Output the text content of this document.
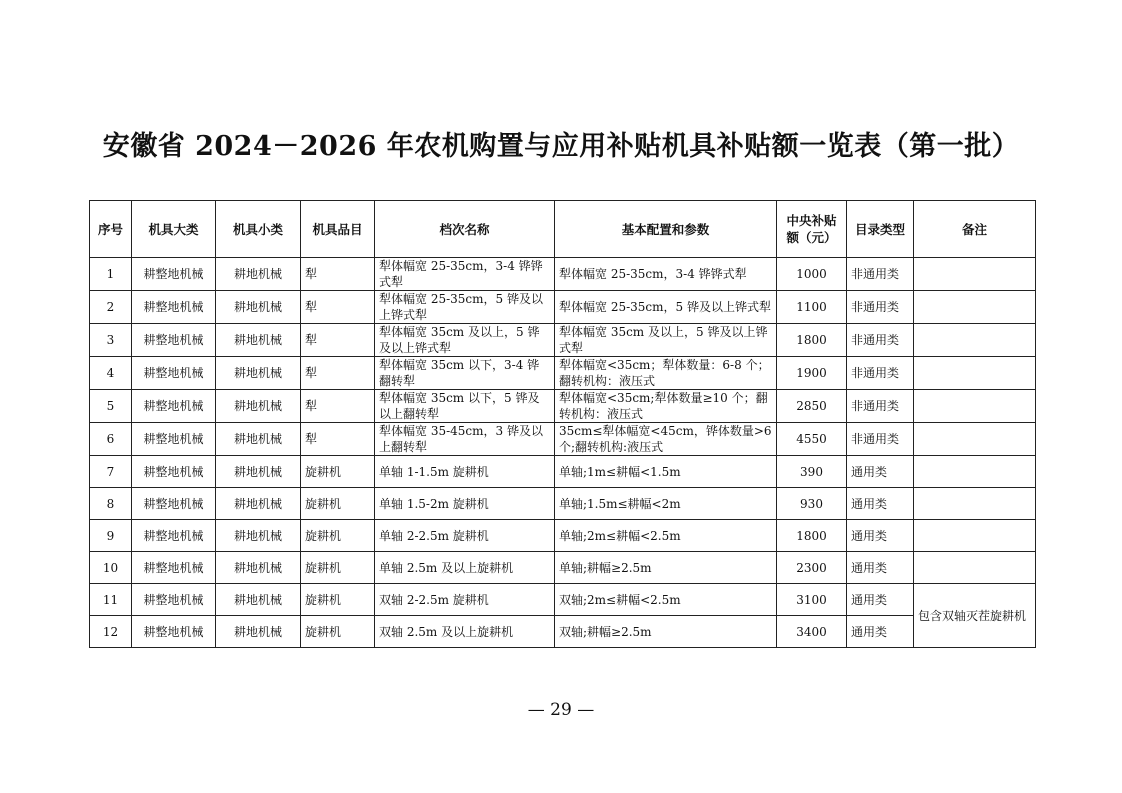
安徽省 2024－2026 年农机购置与应用补贴机具补贴额一览表（第一批）
序号	机具大类	机具小类	机具品目	档次名称	基本配置和参数	中央补贴额（元）	目录类型	备注
1	耕整地机械	耕地机械	犁	犁体幅宽 25-35cm，3-4 铧铧式犁	犁体幅宽 25-35cm，3-4 铧铧式犁	1000	非通用类	
2	耕整地机械	耕地机械	犁	犁体幅宽 25-35cm，5 铧及以上铧式犁	犁体幅宽 25-35cm，5 铧及以上铧式犁	1100	非通用类	
3	耕整地机械	耕地机械	犁	犁体幅宽 35cm 及以上，5 铧及以上铧式犁	犁体幅宽 35cm 及以上，5 铧及以上铧式犁	1800	非通用类	
4	耕整地机械	耕地机械	犁	犁体幅宽 35cm 以下，3-4 铧翻转犁	犁体幅宽<35cm；犁体数量：6-8 个；翻转机构：液压式	1900	非通用类	
5	耕整地机械	耕地机械	犁	犁体幅宽 35cm 以下，5 铧及以上翻转犁	犁体幅宽<35cm;犁体数量≥10 个；翻转机构：液压式	2850	非通用类	
6	耕整地机械	耕地机械	犁	犁体幅宽 35-45cm，3 铧及以上翻转犁	35cm≤犁体幅宽<45cm，铧体数量>6 个;翻转机构:液压式	4550	非通用类	
7	耕整地机械	耕地机械	旋耕机	单轴 1-1.5m 旋耕机	单轴;1m≤耕幅<1.5m	390	通用类	
8	耕整地机械	耕地机械	旋耕机	单轴 1.5-2m 旋耕机	单轴;1.5m≤耕幅<2m	930	通用类	
9	耕整地机械	耕地机械	旋耕机	单轴 2-2.5m 旋耕机	单轴;2m≤耕幅<2.5m	1800	通用类	
10	耕整地机械	耕地机械	旋耕机	单轴 2.5m 及以上旋耕机	单轴;耕幅≥2.5m	2300	通用类	
11	耕整地机械	耕地机械	旋耕机	双轴 2-2.5m 旋耕机	双轴;2m≤耕幅<2.5m	3100	通用类	包含双轴灭茬旋耕机
12	耕整地机械	耕地机械	旋耕机	双轴 2.5m 及以上旋耕机	双轴;耕幅≥2.5m	3400	通用类	
— 29 —
